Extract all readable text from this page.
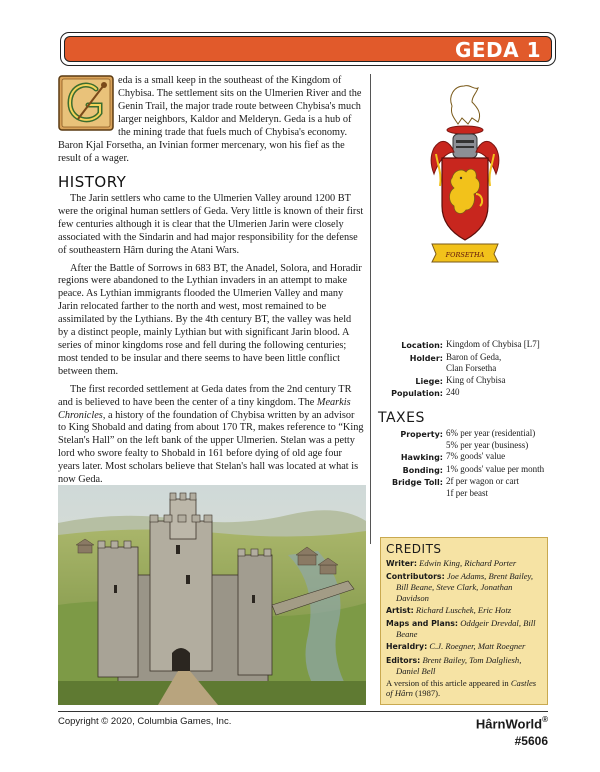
GEDA 1
eda is a small keep in the southeast of the Kingdom of Chybisa. The settlement sits on the Ulmerien River and the Genin Trail, the major trade route between Chybisa's much larger neighbors, Kaldor and Melderyn. Geda is a hub of the mining trade that fuels much of Chybisa's economy. Baron Kjal Forsetha, an Ivinian former mercenary, won his fief as the result of a wager.
HISTORY

The Jarin settlers who came to the Ulmerien Valley around 1200 BT were the original human settlers of Geda. Very little is known of their first few centuries although it is clear that the Ulmerien Jarin were closely associated with the Sindarin and had major responsibility for the defense of southeastern Hârn during the Atani Wars.

After the Battle of Sorrows in 683 BT, the Anadel, Solora, and Horadir regions were abandoned to the Lythian invaders in an attempt to make peace. As Lythian immigrants flooded the Ulmerien Valley and many Jarin relocated farther to the north and west, most remained to be assimilated by the Lythians. By the 4th century BT, the valley was held by a distinct people, mainly Lythian but with significant Jarin blood. A series of minor kingdoms rose and fell during the following centuries; most tended to be insular and there seems to have been little conflict between them.

The first recorded settlement at Geda dates from the 2nd century TR and is believed to have been the center of a tiny kingdom. The Mearkis Chronicles, a history of the foundation of Chybisa written by an advisor to King Shobald and dating from about 170 TR, makes reference to “King Stelan's Hall” on the left bank of the upper Ulmerien. Stelan was a petty lord who swore fealty to Shobald in 161 before dying of old age four years later. Most scholars believe that Stelan's hall was located at what is now Geda.

FORSETHA
Location: Kingdom of Chybisa [L7]
Holder: Baron of Geda,
Clan Forsetha
Liege: King of Chybisa
Population: 240
TAXES
Property: 6% per year (residential)
5% per year (business)
Hawking: 7% goods' value
Bonding: 1% goods' value per month
Bridge Toll: 2f per wagon or cart
1f per beast
CREDITS
Writer: Edwin King, Richard Porter
Contributors: Joe Adams, Brent Bailey, Bill Beane, Steve Clark, Jonathan Davidson
Artist: Richard Luschek, Eric Hotz
Maps and Plans: Oddgeir Drevdal, Bill Beane
Heraldry: C.J. Roegner, Matt Roegner
Editors: Brent Bailey, Tom Dalgliesh, Daniel Bell
A version of this article appeared in Castles of Hârn (1987).
Copyright © 2020, Columbia Games, Inc.	HârnWorld®
#5606
